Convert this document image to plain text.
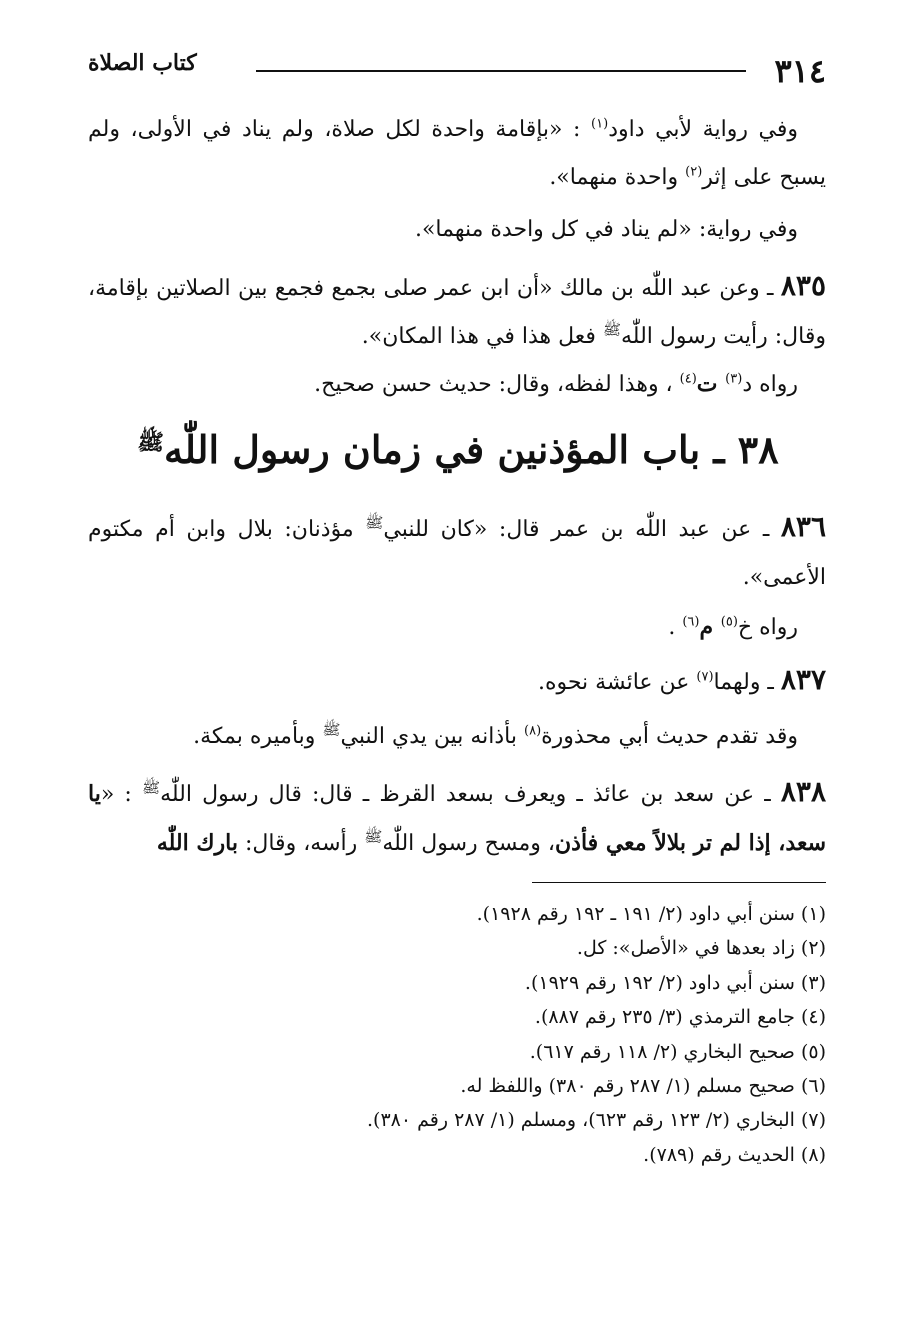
٣١٤
كتاب الصلاة
وفي رواية لأبي داود$^{(١)}$ : «بإقامة واحدة لكل صلاة، ولم يناد في الأولى، ولم يسبح على إثر$^{(٢)}$ واحدة منهما».
وفي رواية: «لم يناد في كل واحدة منهما».
٨٣٥ ـ وعن عبد اللّٰه بن مالك «أن ابن عمر صلى بجمع فجمع بين الصلاتين بإقامة، وقال: رأيت رسول اللّٰه$^ﷺ$ فعل هذا في هذا المكان».
رواه د$^{(٣)}$ ت$^{(٤)}$ ، وهذا لفظه، وقال: حديث حسن صحيح.
٣٨ ـ باب المؤذنين في زمان رسول اللّٰه$^ﷺ$
٨٣٦ ـ عن عبد اللّٰه بن عمر قال: «كان للنبي$^ﷺ$ مؤذنان: بلال وابن أم مكتوم الأعمى».
رواه خ$^{(٥)}$ م$^{(٦)}$ .
٨٣٧ ـ ولهما$^{(٧)}$ عن عائشة نحوه.
وقد تقدم حديث أبي محذورة$^{(٨)}$ بأذانه بين يدي النبي$^ﷺ$ وبأميره بمكة.
٨٣٨ ـ عن سعد بن عائذ ـ ويعرف بسعد القرظ ـ قال: قال رسول اللّٰه$^ﷺ$ : «يا سعد، إذا لم تر بلالاً معي فأذن، ومسح رسول اللّٰه$^ﷺ$ رأسه، وقال: بارك اللّٰه
(١) سنن أبي داود (٢/ ١٩١ ـ ١٩٢ رقم ١٩٢٨).
(٢) زاد بعدها في «الأصل»: كل.
(٣) سنن أبي داود (٢/ ١٩٢ رقم ١٩٢٩).
(٤) جامع الترمذي (٣/ ٢٣٥ رقم ٨٨٧).
(٥) صحيح البخاري (٢/ ١١٨ رقم ٦١٧).
(٦) صحيح مسلم (١/ ٢٨٧ رقم ٣٨٠) واللفظ له.
(٧) البخاري (٢/ ١٢٣ رقم ٦٢٣)، ومسلم (١/ ٢٨٧ رقم ٣٨٠).
(٨) الحديث رقم (٧٨٩).
